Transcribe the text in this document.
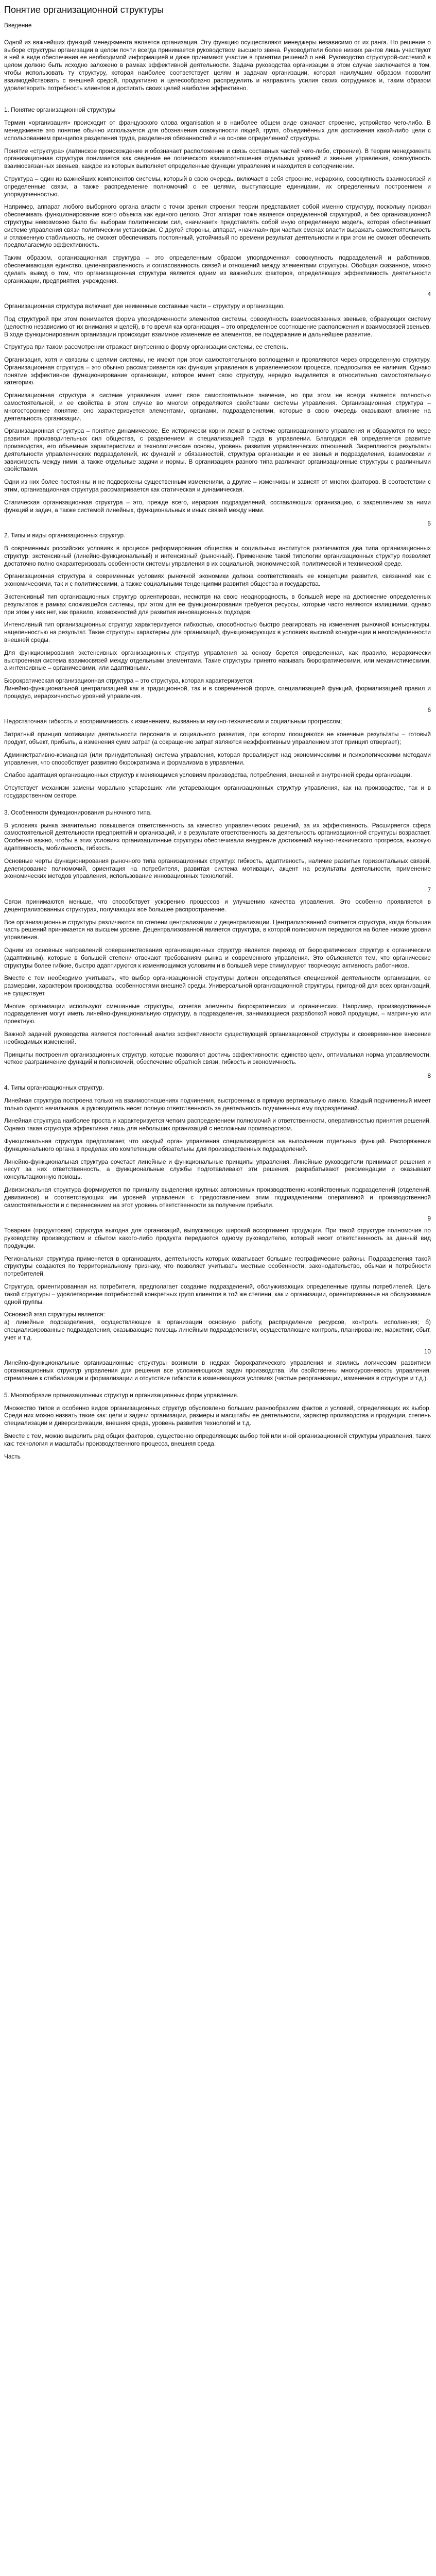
Понятие организационной структуры

Введение

Одной из важнейших функций менеджмента является организация. Эту функцию осуществляют менеджеры независимо от их ранга. Но решение о выборе структуры организации в целом почти всегда принимается руководством высшего звена. Руководители более низких рангов лишь участвуют в ней в виде обеспечения ее необходимой информацией и даже принимают участие в принятии решений о ней. Руководство структурой-системой в целом должно быть исходно заложено в рамках эффективной деятельности. Задача руководства организации в этом случае заключается в том, чтобы использовать ту структуру, которая наиболее соответствует целям и задачам организации, которая наилучшим образом позволит взаимодействовать с внешней средой, продуктивно и целесообразно распределить и направлять усилия своих сотрудников и, таким образом удовлетворить потребность клиентов и достигать своих целей наиболее эффективно.

1. Понятие организационной структуры

Термин «организация» происходит от французского слова organisation и в наиболее общем виде означает строение, устройство чего-либо. В менеджменте это понятие обычно используется для обозначения совокупности людей, групп, объединённых для достижения какой-либо цели с использованием принципов разделения труда, разделения обязанностей и на основе определенной структуры.

Понятие «структура» (латинское происхождение и обозначает расположение и связь составных частей чего-либо, строение). В теории менеджмента организационная структура понимается как сведение ее логического взаимоотношения отдельных уровней и звеньев управления, совокупность взаимосвязанных звеньев, каждое из которых выполняет определенные функции управления и находится в соподчинении.

Структура – один из важнейших компонентов системы, который в свою очередь, включает в себя строение, иерархию, совокупность взаимосвязей и определенные связи, а также распределение полномочий с ее целями, выступающие единицами, их определенным построением и упорядоченностью.

Например, аппарат любого выборного органа власти с точки зрения строения теории представляет собой именно структуру, поскольку призван обеспечивать функционирование всего объекта как единого целого. Этот аппарат тоже является определенной структурой, и без организационной структуры невозможно было бы выборам политическим сил, «начинает» представлять собой иную определенную модель, которая обеспечивает системе управления связи политическим установкам. С другой стороны, аппарат, «начиная» при частых сменах власти выражать самостоятельность и отлаженную стабильность, не сможет обеспечивать постоянный, устойчивый по времени результат деятельности и при этом не сможет обеспечить предполагаемую эффективность.

Таким образом, организационная структура – это определенным образом упорядоченная совокупность подразделений и работников, обеспечивающая единство, целенаправленность и согласованность связей и отношений между элементами структуры. Обобщая сказанное, можно сделать вывод о том, что организационная структура является одним из важнейших факторов, определяющих эффективность деятельности организации, предприятия, учреждения.

4

Организационная структура включает две неименные составные части – структуру и организацию.

Под структурой при этом понимается форма упорядоченности элементов системы, совокупность взаимосвязанных звеньев, образующих систему (целостно независимо от их внимания и целей), в то время как организация – это определенное соотношение расположения и взаимосвязей звеньев. В ходе функционирования организации происходит взаимное изменение ее элементов, ее поддержание и дальнейшее развитие.

Структура при таком рассмотрении отражает внутреннюю форму организации системы, ее степень.

Организация, хотя и связаны с целями системы, не имеют при этом самостоятельного воплощения и проявляются через определенную структуру. Организационная структура – это обычно рассматривается как функция управления в управленческом процессе, предпосылка ее наличия. Однако понятие эффективное функционирование организации, которое имеет свою структуру, нередко выделяется в относительно самостоятельную категорию.

Организационная структура в системе управления имеет свое самостоятельное значение, но при этом не всегда является полностью самостоятельной, и ее свойства в этом случае во многом определяются свойствами системы управления. Организационная структура – многостороннее понятие, оно характеризуется элементами, органами, подразделениями, которые в свою очередь оказывают влияние на деятельность организации.

Организационная структура – понятие динамическое. Ее исторически корни лежат в системе организационного управления и образуются по мере развития производительных сил общества, с разделением и специализацией труда в управлении. Благодаря ей определяется развитие производства, его объемные характеристики и технологические основы, уровень развития управленческих отношений. Закрепляются результаты деятельности управленческих подразделений, их функций и обязанностей, структура организации и ее звенья и подразделения, взаимосвязи и зависимость между ними, а также отдельные задачи и нормы. В организациях разного типа различают организационные структуры с различными свойствами.

Одни из них более постоянны и не подвержены существенным изменениям, а другие – изменчивы и зависят от многих факторов. В соответствии с этим, организационная структура рассматривается как статическая и динамическая.

Статическая организационная структура – это, прежде всего, иерархия подразделений, составляющих организацию, с закреплением за ними функций и задач, а также системой линейных, функциональных и иных связей между ними.

5

2. Типы и виды организационных структур.

В современных российских условиях в процессе реформирования общества и социальных институтов различаются два типа организационных структур: экстенсивный (линейно-функциональный) и интенсивный (рыночный). Применение такой типологии организационных структур позволяет достаточно полно охарактеризовать особенности системы управления в их социальной, экономической, политической и технической среде.

Организационная структура в современных условиях рыночной экономики должна соответствовать ее концепции развития, связанной как с экономическими, так и с политическими, а также социальными тенденциями развития общества и государства.

Экстенсивный тип организационных структур ориентирован, несмотря на свою неоднородность, в большей мере на достижение определенных результатов в рамках сложившейся системы, при этом для ее функционирования требуется ресурсы, которые часто являются излишними, однако при этом у них нет, как правило, возможностей для развития инновационных подходов.

Интенсивный тип организационных структур характеризуется гибкостью, способностью быстро реагировать на изменения рыночной конъюнктуры, нацеленностью на результат. Такие структуры характерны для организаций, функционирующих в условиях высокой конкуренции и неопределенности внешней среды.

Для функционирования экстенсивных организационных структур управления за основу берется определенная, как правило, иерархически выстроенная система взаимосвязей между отдельными элементами. Такие структуры принято называть бюрократическими, или механистическими, а интенсивные – органическими, или адаптивными.

Бюрократическая организационная структура – это структура, которая характеризуется:

Линейно-функциональной централизацией как в традиционной, так и в современной форме, специализацией функций, формализацией правил и процедур, иерархичностью уровней управления.

6

Недостаточная гибкость и восприимчивость к изменениям, вызванным научно-техническим и социальным прогрессом;

Затратный принцип мотивации деятельности персонала и социального развития, при котором поощряются не конечные результаты – готовый продукт, объект, прибыль, а изменения сумм затрат (а сокращение затрат являются неэффективным управлением этот принцип отвергает);

Административно-командная (или принудительная) система управления, которая превалирует над экономическими и психологическими методами управления, что способствует развитию бюрократизма и формализма в управлении.

Слабое адаптация организационных структур к меняющимся условиям производства, потребления, внешней и внутренней среды организации.

Отсутствует механизм замены морально устаревших или устаревающих организационных структур управления, как на производстве, так и в государственном секторе.

3. Особенности функционирования рыночного типа.

В условиях рынка значительно повышается ответственность за качество управленческих решений, за их эффективность. Расширяется сфера самостоятельной деятельности предприятий и организаций, и в результате ответственность за деятельность организационной структуры возрастает. Особенно важно, чтобы в этих условиях организационные структуры обеспечивали внедрение достижений научно-технического прогресса, высокую адаптивность, мобильность, гибкость.

Основные черты функционирования рыночного типа организационных структур: гибкость, адаптивность, наличие развитых горизонтальных связей, делегирование полномочий, ориентация на потребителя, развитая система мотивации, акцент на результаты деятельности, применение экономических методов управления, использование инновационных технологий.

7

Связи принимаются меньше, что способствует ускорению процессов и улучшению качества управления. Это особенно проявляется в децентрализованных структурах, получающих все большее распространение.

Все организационные структуры различаются по степени централизации и децентрализации. Централизованной считается структура, когда большая часть решений принимается на высшем уровне. Децентрализованной является структура, в которой полномочия передаются на более низкие уровни управления.

Одним из основных направлений совершенствования организационных структур является переход от бюрократических структур к органическим (адаптивным), которые в большей степени отвечают требованиям рынка и современного управления. Это объясняется тем, что органические структуры более гибкие, быстро адаптируются к изменяющимся условиям и в большей мере стимулируют творческую активность работников.

Вместе с тем необходимо учитывать, что выбор организационной структуры должен определяться спецификой деятельности организации, ее размерами, характером производства, особенностями внешней среды. Универсальной организационной структуры, пригодной для всех организаций, не существует.

Многие организации используют смешанные структуры, сочетая элементы бюрократических и органических. Например, производственные подразделения могут иметь линейно-функциональную структуру, а подразделения, занимающиеся разработкой новой продукции, – матричную или проектную.

Важной задачей руководства является постоянный анализ эффективности существующей организационной структуры и своевременное внесение необходимых изменений.

Принципы построения организационных структур, которые позволяют достичь эффективности: единство цели, оптимальная норма управляемости, четкое разграничение функций и полномочий, обеспечение обратной связи, гибкость и экономичность.

8

4. Типы организационных структур.

Линейная структура построена только на взаимоотношениях подчинения, выстроенных в прямую вертикальную линию. Каждый подчиненный имеет только одного начальника, а руководитель несет полную ответственность за деятельность подчиненных ему подразделений.

Линейная структура наиболее проста и характеризуется четким распределением полномочий и ответственности, оперативностью принятия решений. Однако такая структура эффективна лишь для небольших организаций с несложным производством.

Функциональная структура предполагает, что каждый орган управления специализируется на выполнении отдельных функций. Распоряжения функционального органа в пределах его компетенции обязательны для производственных подразделений.

Линейно-функциональная структура сочетает линейные и функциональные принципы управления. Линейные руководители принимают решения и несут за них ответственность, а функциональные службы подготавливают эти решения, разрабатывают рекомендации и оказывают консультационную помощь.

Дивизиональная структура формируется по принципу выделения крупных автономных производственно-хозяйственных подразделений (отделений, дивизионов) и соответствующих им уровней управления с предоставлением этим подразделениям оперативной и производственной самостоятельности и с перенесением на этот уровень ответственности за получение прибыли.

9

Товарная (продуктовая) структура выгодна для организаций, выпускающих широкий ассортимент продукции. При такой структуре полномочия по руководству производством и сбытом какого-либо продукта передаются одному руководителю, который несет ответственность за данный вид продукции.

Региональная структура применяется в организациях, деятельность которых охватывает большие географические районы. Подразделения такой структуры создаются по территориальному признаку, что позволяет учитывать местные особенности, законодательство, обычаи и потребности потребителей.

Структура, ориентированная на потребителя, предполагает создание подразделений, обслуживающих определенные группы потребителей. Цель такой структуры – удовлетворение потребностей конкретных групп клиентов в той же степени, как и организации, ориентированные на обслуживание одной группы.

Основной этап структуры является:

а) линейные подразделения, осуществляющие в организации основную работу, распределение ресурсов, контроль исполнения; б) специализированные подразделения, оказывающие помощь линейным подразделениям, осуществляющие контроль, планирование, маркетинг, сбыт, учет и т.д.

10

Линейно-функциональные организационные структуры возникли в недрах бюрократического управления и явились логическим развитием организационных структур управления для решения все усложняющихся задач производства. Им свойственны многоуровневость управления, стремление к стабилизации и формализации и отсутствие гибкости в изменяющихся условиях (частые реорганизации, изменения в структуре и т.д.).

5. Многообразие организационных структур и организационных форм управления.

Множество типов и особенно видов организационных структур обусловлено большим разнообразием фактов и условий, определяющих их выбор. Среди них можно назвать такие как: цели и задачи организации, размеры и масштабы ее деятельности, характер производства и продукции, степень специализации и диверсификации, внешняя среда, уровень развития технологий и т.д.

Вместе с тем, можно выделить ряд общих факторов, существенно определяющих выбор той или иной организационной структуры управления, таких как: технология и масштабы производственного процесса, внешняя среда.

Часть
